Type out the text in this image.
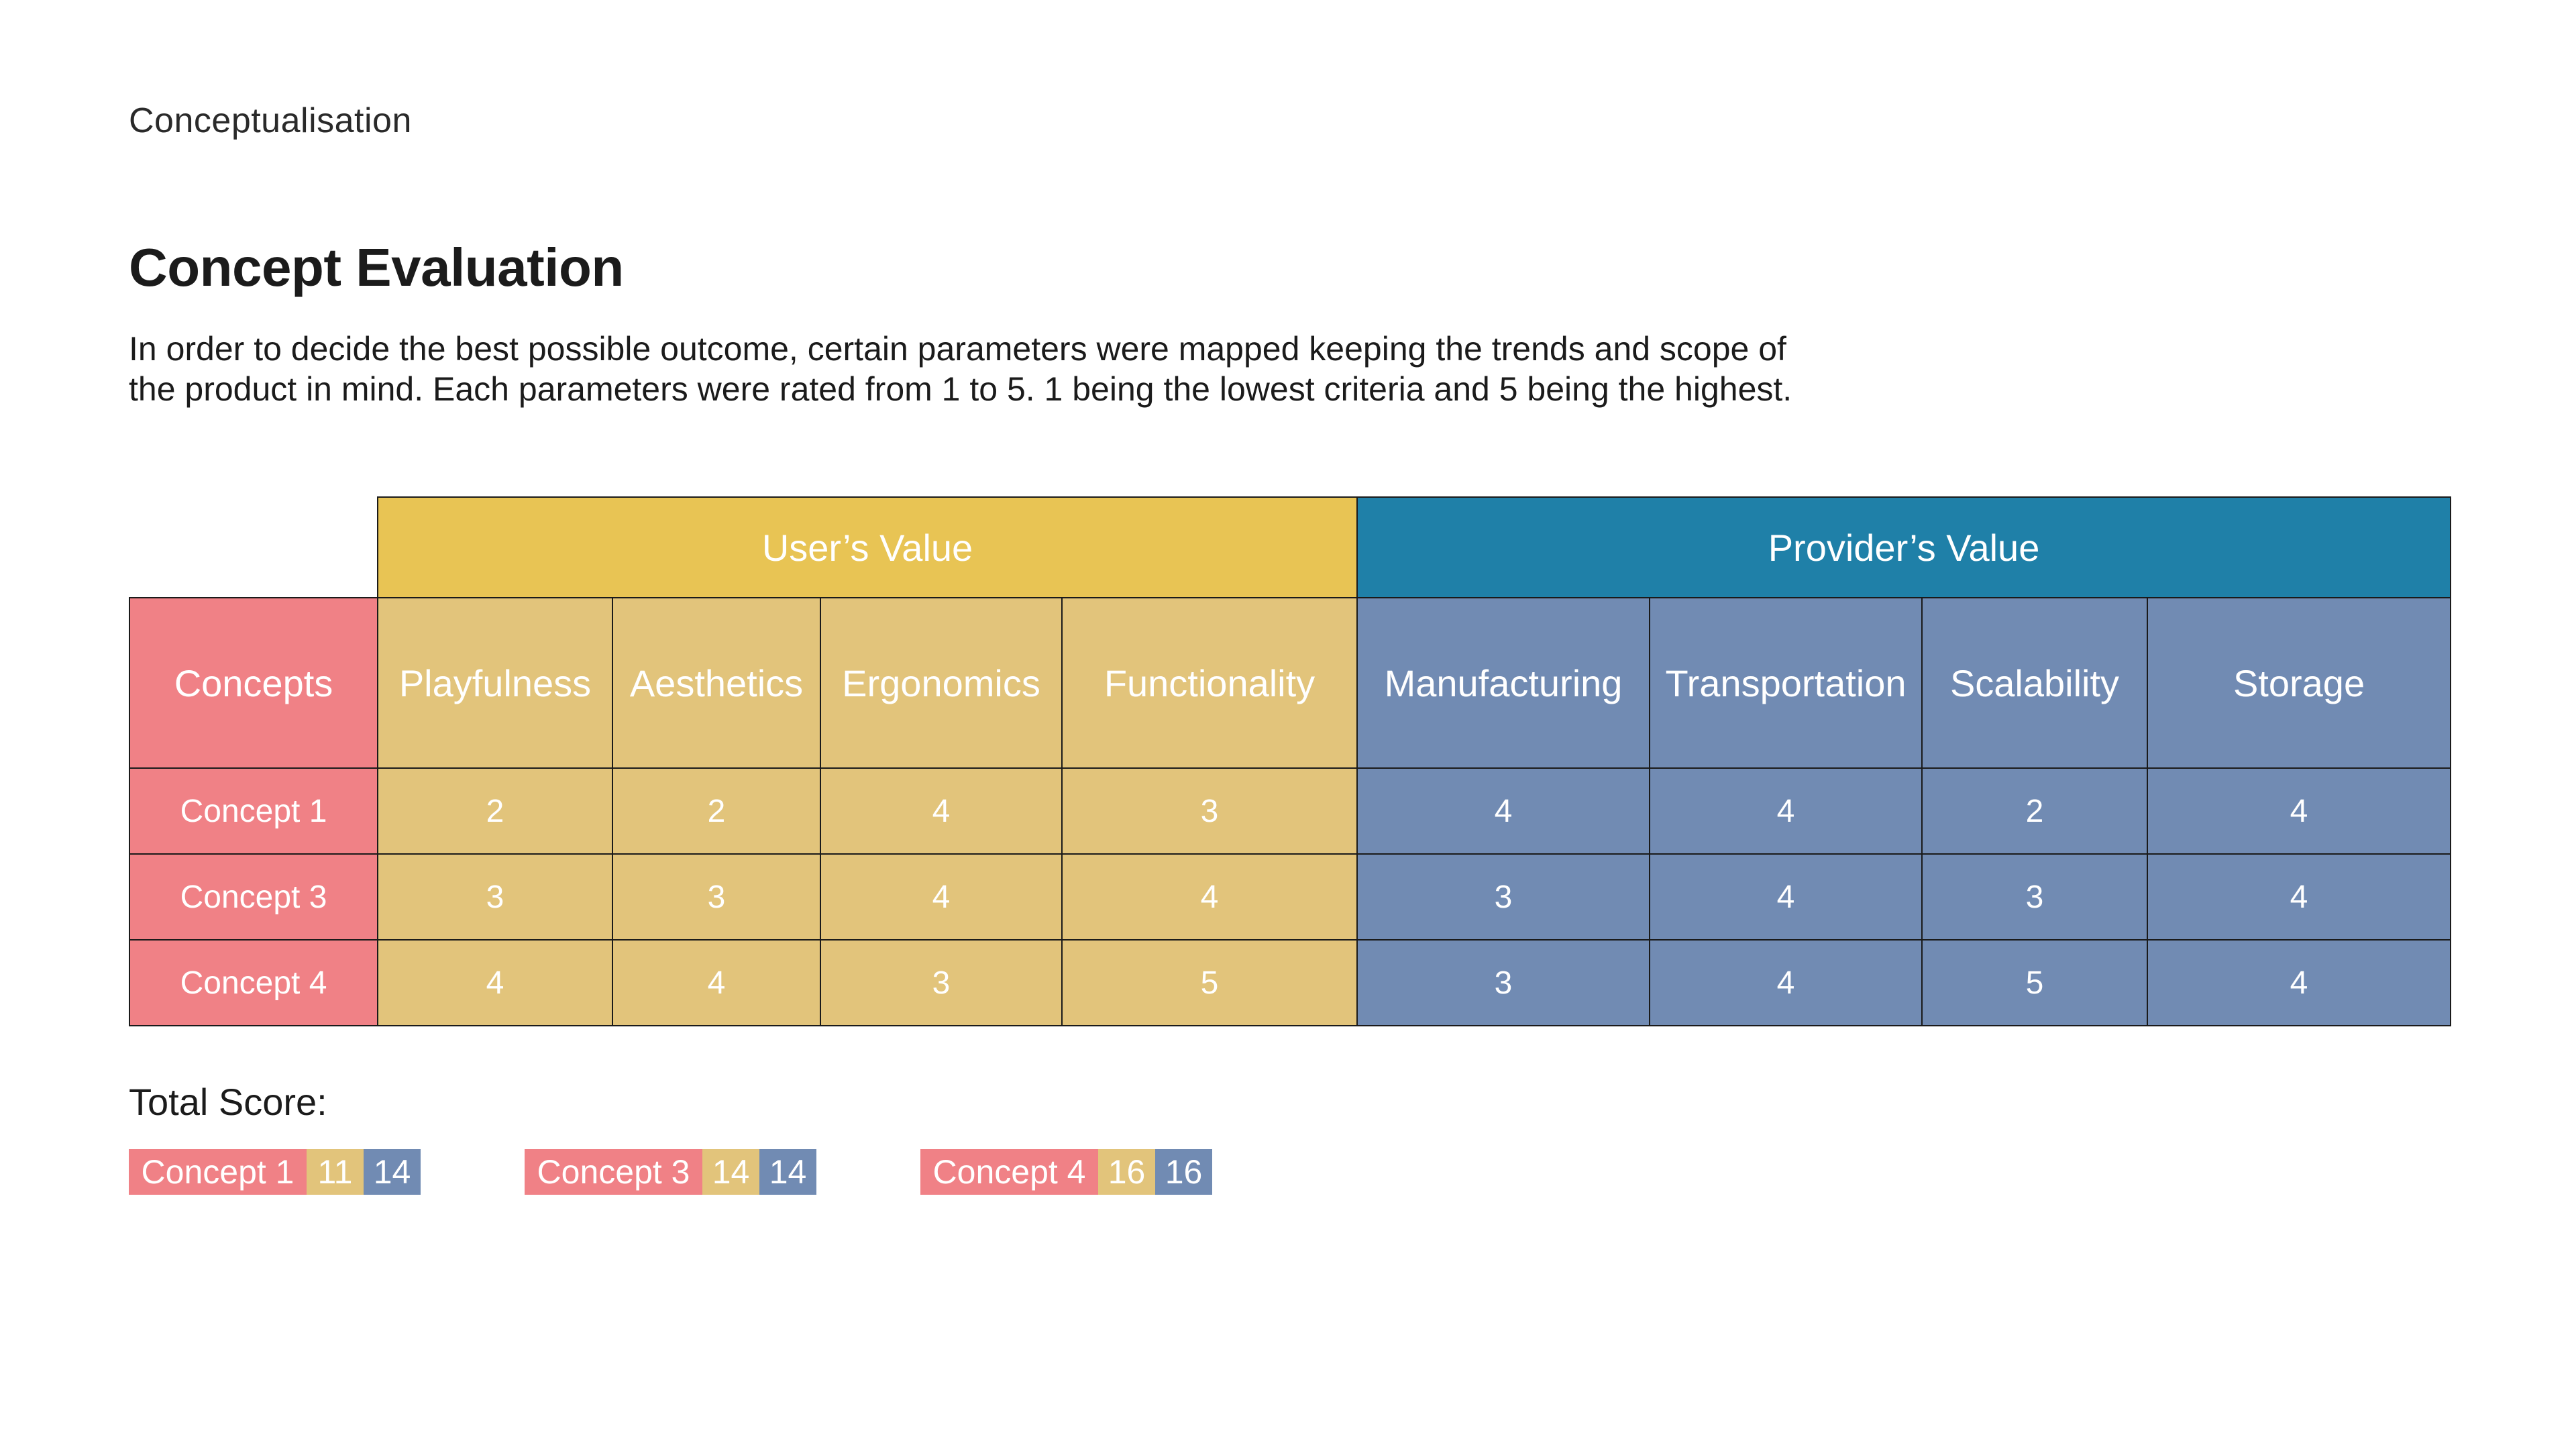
Conceptualisation
Concept Evaluation

In order to decide the best possible outcome, certain parameters were mapped keeping the trends and scope of

the product in mind. Each parameters were rated from 1 to 5. 1 being the lowest criteria and 5 being the highest.

	User’s Value				Provider’s Value			
Concepts	Playfulness	Aesthetics	Ergonomics	Functionality	Manufacturing	Transportation	Scalability	Storage
Concept 1	2	2	4	3	4	4	2	4
Concept 3	3	3	4	4	3	4	3	4
Concept 4	4	4	3	5	3	4	5	4
Total Score:
Concept 1 11 14	Concept 3 14 14	Concept 4 16 16
